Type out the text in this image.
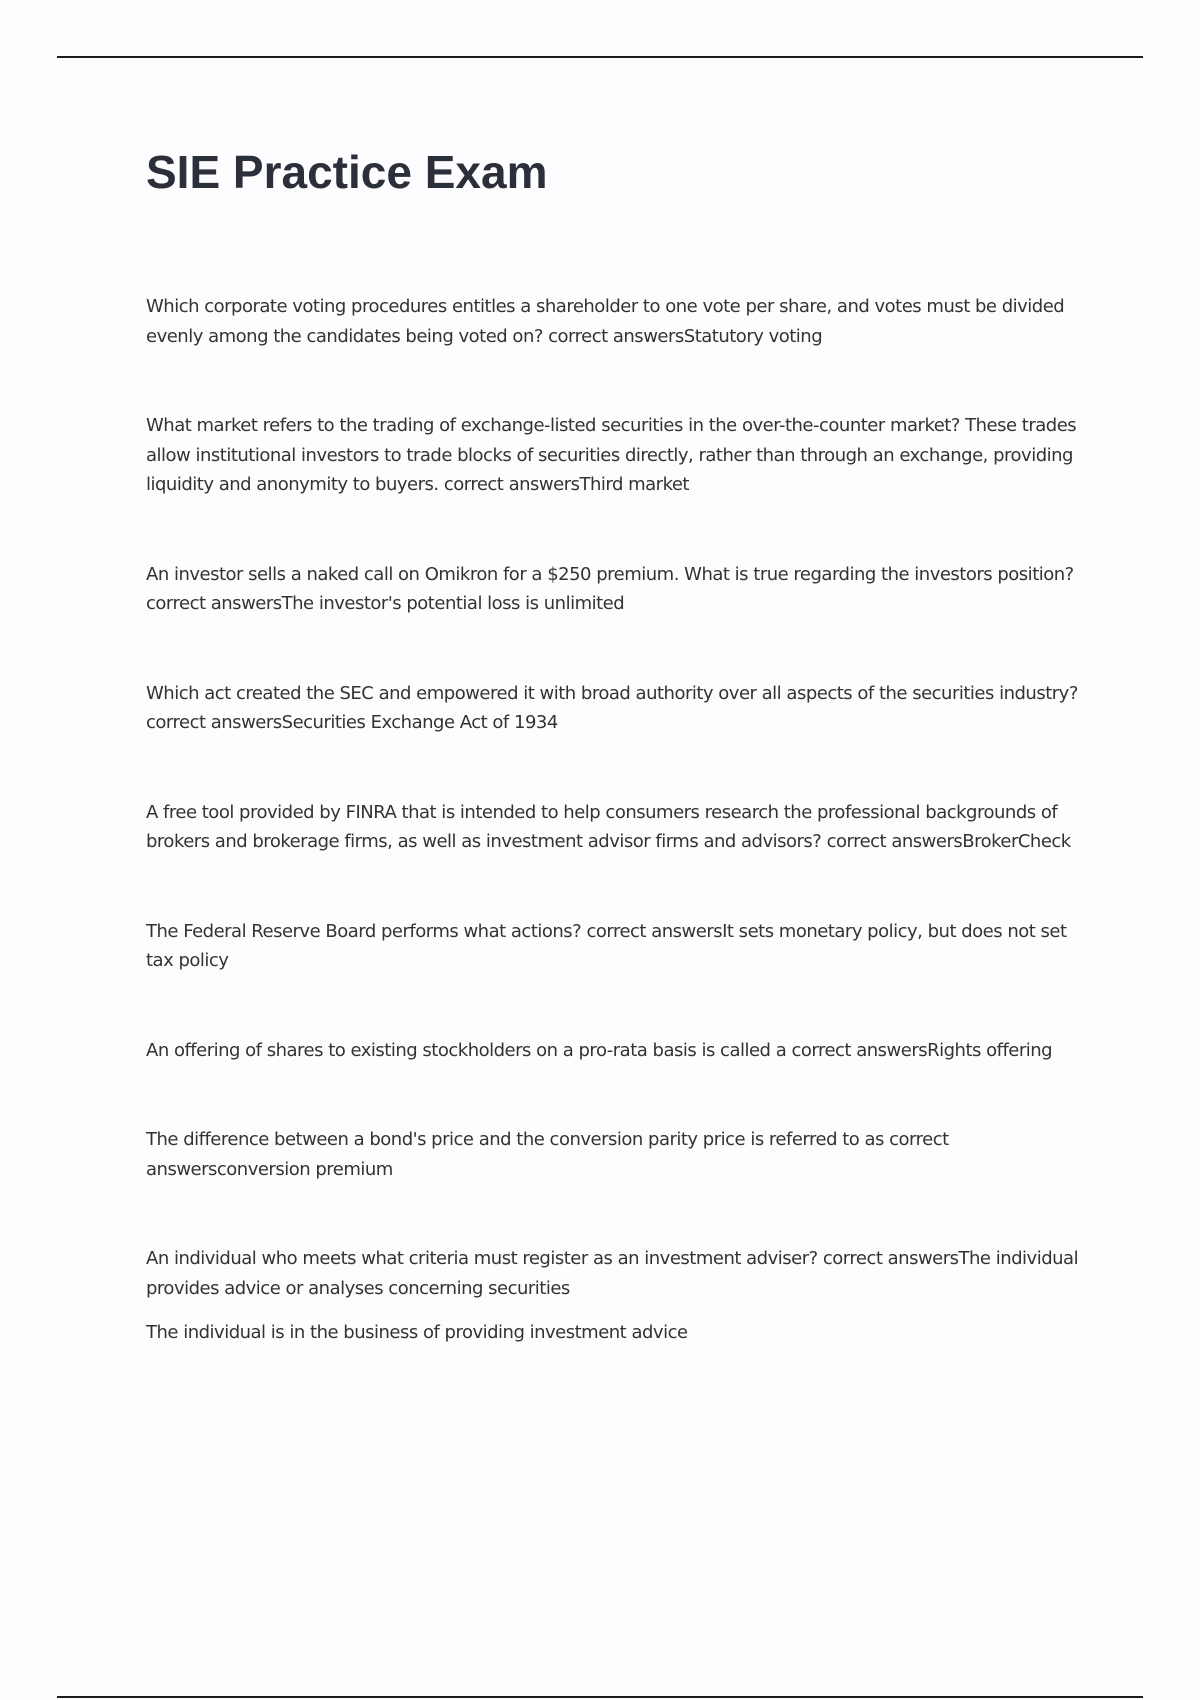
SIE Practice Exam

Which corporate voting procedures entitles a shareholder to one vote per share, and votes must be divided evenly among the candidates being voted on? correct answersStatutory voting

What market refers to the trading of exchange-listed securities in the over-the-counter market? These trades allow institutional investors to trade blocks of securities directly, rather than through an exchange, providing liquidity and anonymity to buyers. correct answersThird market

An investor sells a naked call on Omikron for a $250 premium. What is true regarding the investors position? correct answersThe investor's potential loss is unlimited

Which act created the SEC and empowered it with broad authority over all aspects of the securities industry? correct answersSecurities Exchange Act of 1934

A free tool provided by FINRA that is intended to help consumers research the professional backgrounds of brokers and brokerage firms, as well as investment advisor firms and advisors? correct answersBrokerCheck

The Federal Reserve Board performs what actions? correct answersIt sets monetary policy, but does not set tax policy

An offering of shares to existing stockholders on a pro-rata basis is called a correct answersRights offering

The difference between a bond's price and the conversion parity price is referred to as correct answersconversion premium

An individual who meets what criteria must register as an investment adviser? correct answersThe individual provides advice or analyses concerning securities

The individual is in the business of providing investment advice
